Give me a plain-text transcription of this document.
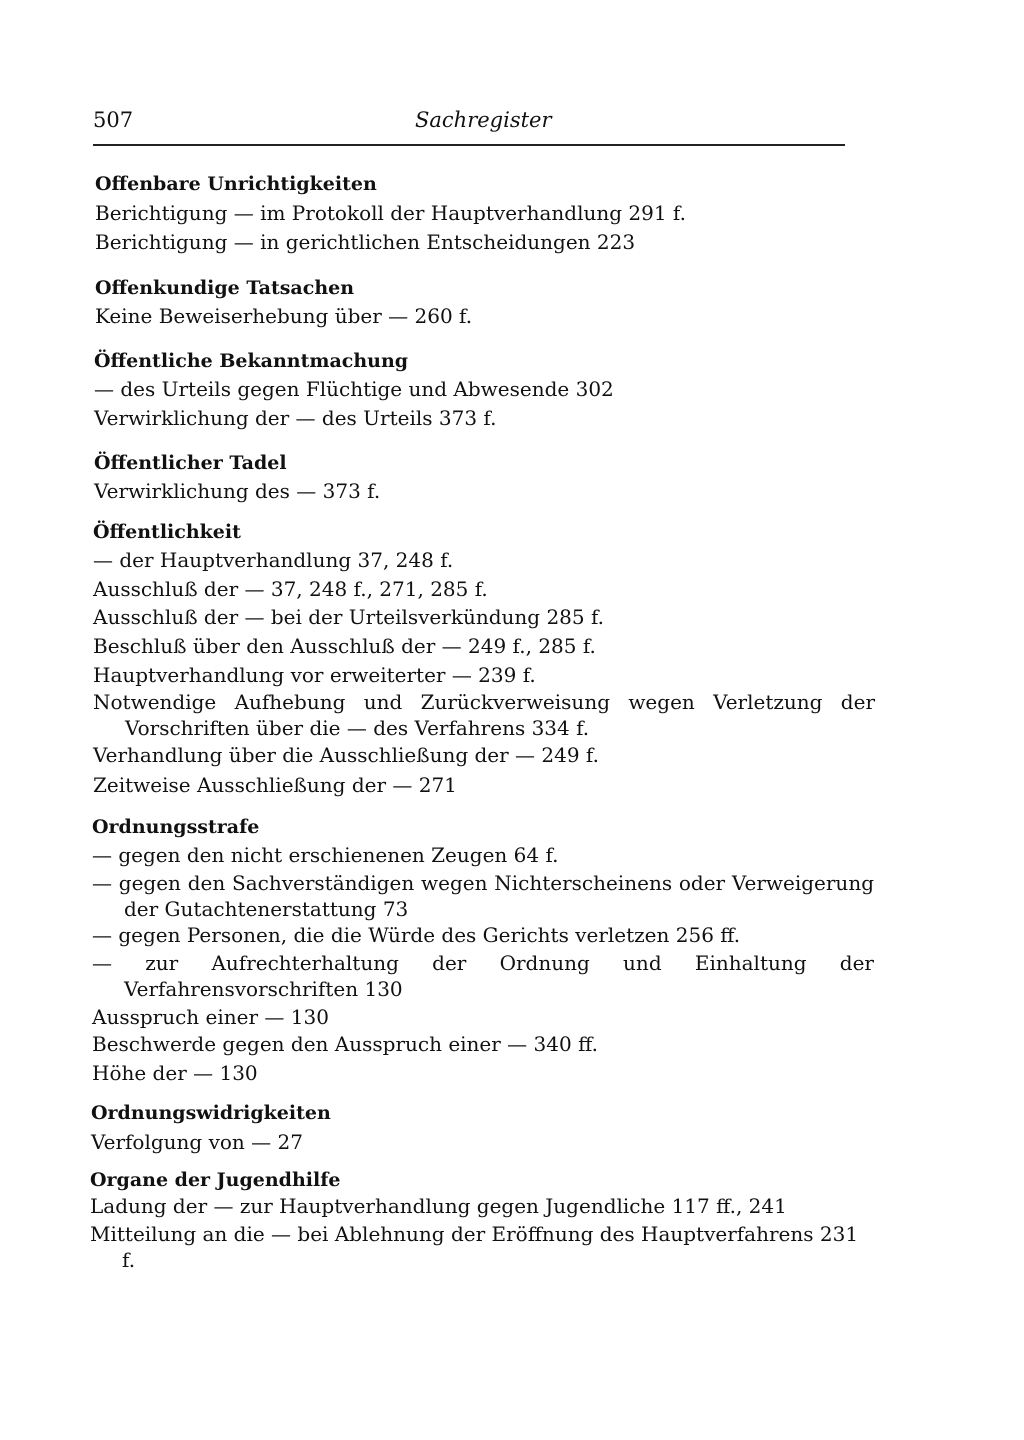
507	Sachregister
Offenbare Unrichtigkeiten
Berichtigung — im Protokoll der Hauptverhandlung 291 f.
Berichtigung — in gerichtlichen Entscheidungen 223
Offenkundige Tatsachen
Keine Beweiserhebung über — 260 f.
Öffentliche Bekanntmachung
— des Urteils gegen Flüchtige und Abwesende 302
Verwirklichung der — des Urteils 373 f.
Öffentlicher Tadel
Verwirklichung des — 373 f.
Öffentlichkeit
— der Hauptverhandlung 37, 248 f.
Ausschluß der — 37, 248 f., 271, 285 f.
Ausschluß der — bei der Urteilsverkündung 285 f.
Beschluß über den Ausschluß der — 249 f., 285 f.
Hauptverhandlung vor erweiterter — 239 f.
Notwendige Aufhebung und Zurückverweisung wegen Verletzung der Vorschriften über die — des Verfahrens 334 f.
Verhandlung über die Ausschließung der — 249 f.
Zeitweise Ausschließung der — 271
Ordnungsstrafe
— gegen den nicht erschienenen Zeugen 64 f.
— gegen den Sachverständigen wegen Nichterscheinens oder Verweigerung der Gutachtenerstattung 73
— gegen Personen, die die Würde des Gerichts verletzen 256 ff.
— zur Aufrechterhaltung der Ordnung und Einhaltung der Verfahrensvorschriften 130
Ausspruch einer — 130
Beschwerde gegen den Ausspruch einer — 340 ff.
Höhe der — 130
Ordnungswidrigkeiten
Verfolgung von — 27
Organe der Jugendhilfe
Ladung der — zur Hauptverhandlung gegen Jugendliche 117 ff., 241
Mitteilung an die — bei Ablehnung der Eröffnung des Hauptverfahrens 231 f.
